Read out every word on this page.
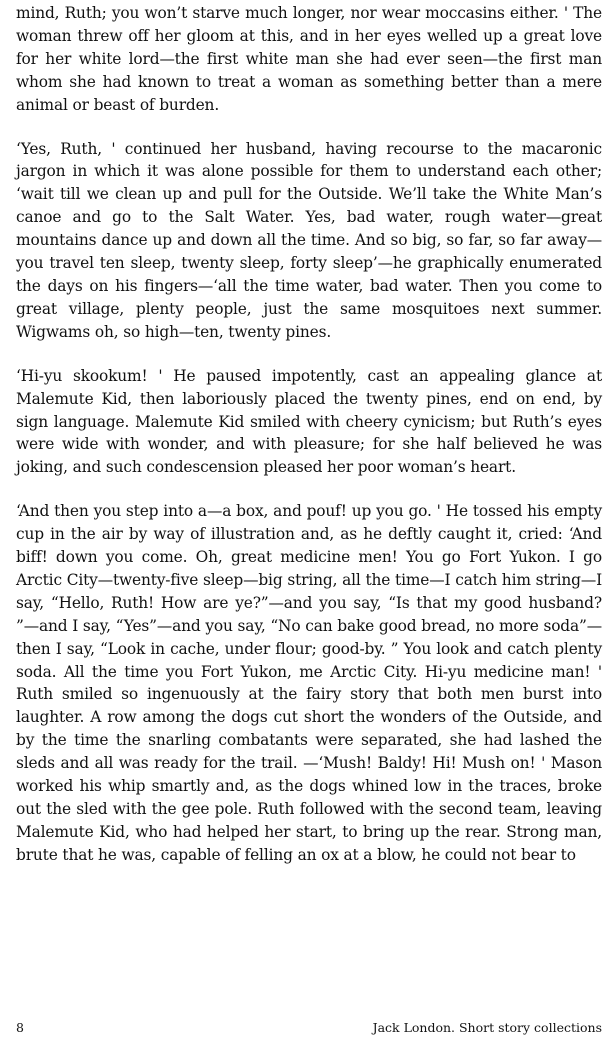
mind, Ruth; you won’t starve much longer, nor wear moccasins either. ' The woman threw off her gloom at this, and in her eyes welled up a great love for her white lord—the first white man she had ever seen—the first man whom she had known to treat a woman as something better than a mere animal or beast of burden.

‘Yes, Ruth, ' continued her husband, having recourse to the macaronic jargon in which it was alone possible for them to understand each other; ‘wait till we clean up and pull for the Outside. We’ll take the White Man’s canoe and go to the Salt Water. Yes, bad water, rough water—great mountains dance up and down all the time. And so big, so far, so far away—you travel ten sleep, twenty sleep, forty sleep’—he graphically enumerated the days on his fingers—‘all the time water, bad water. Then you come to great village, plenty people, just the same mosquitoes next summer. Wigwams oh, so high—ten, twenty pines.

‘Hi-yu skookum! ' He paused impotently, cast an appealing glance at Malemute Kid, then laboriously placed the twenty pines, end on end, by sign language. Malemute Kid smiled with cheery cynicism; but Ruth’s eyes were wide with wonder, and with pleasure; for she half believed he was joking, and such condescension pleased her poor woman’s heart.

‘And then you step into a—a box, and pouf! up you go. ' He tossed his empty cup in the air by way of illustration and, as he deftly caught it, cried: ‘And biff! down you come. Oh, great medicine men! You go Fort Yukon. I go Arctic City—twenty-five sleep—big string, all the time—I catch him string—I say, “Hello, Ruth! How are ye?”—and you say, “Is that my good husband? ”—and I say, “Yes”—and you say, “No can bake good bread, no more soda”—then I say, “Look in cache, under flour; good-by. ” You look and catch plenty soda. All the time you Fort Yukon, me Arctic City. Hi-yu medicine man! ' Ruth smiled so ingenuously at the fairy story that both men burst into laughter. A row among the dogs cut short the wonders of the Outside, and by the time the snarling combatants were separated, she had lashed the sleds and all was ready for the trail. —‘Mush! Baldy! Hi! Mush on! ' Mason worked his whip smartly and, as the dogs whined low in the traces, broke out the sled with the gee pole. Ruth followed with the second team, leaving Malemute Kid, who had helped her start, to bring up the rear. Strong man, brute that he was, capable of felling an ox at a blow, he could not bear to

8	Jack London. Short story collections
